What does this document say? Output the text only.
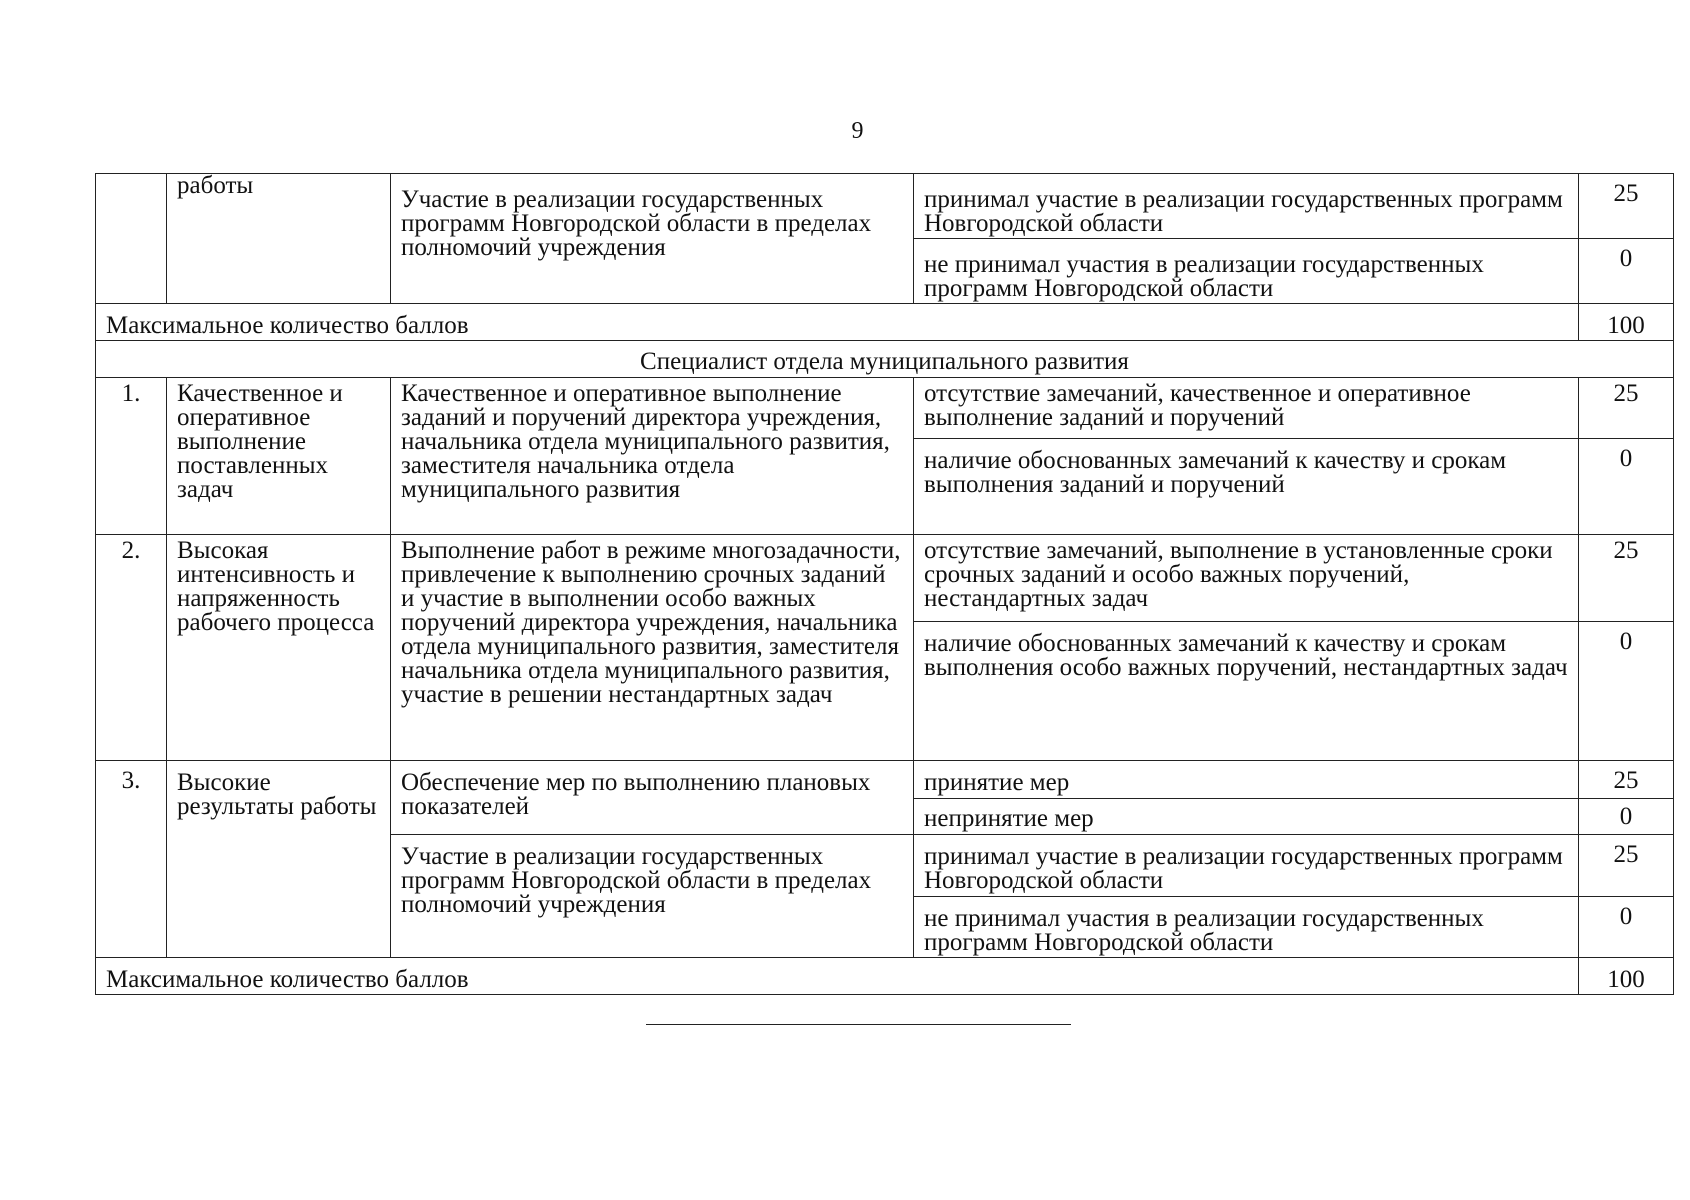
9
	работы	Участие в реализации государственных программ Новгородской области в пределах полномочий учреждения	принимал участие в реализации государственных программ Новгородской области	25
			не принимал участия в реализации государственных программ Новгородской области	0
Максимальное количество баллов				100
Специалист отдела муниципального развития				
1.	Качественное и оперативное выполнение поставленных задач	Качественное и оперативное выполнение заданий и поручений директора учреждения, начальника отдела муниципального развития, заместителя начальника отдела муниципального развития	отсутствие замечаний, качественное и оперативное выполнение заданий и поручений	25
			наличие обоснованных замечаний к качеству и срокам выполнения заданий и поручений	0
2.	Высокая интенсивность и напряженность рабочего процесса	Выполнение работ в режиме многозадачности, привлечение к выполнению срочных заданий и участие в выполнении особо важных поручений директора учреждения, начальника отдела муниципального развития, заместителя начальника отдела муниципального развития, участие в решении нестандартных задач	отсутствие замечаний, выполнение в установленные сроки срочных заданий и особо важных поручений, нестандартных задач	25
			наличие обоснованных замечаний к качеству и срокам выполнения особо важных поручений, нестандартных задач	0
3.	Высокие результаты работы	Обеспечение мер по выполнению плановых показателей	принятие мер	25
			непринятие мер	0
		Участие в реализации государственных программ Новгородской области в пределах полномочий учреждения	принимал участие в реализации государственных программ Новгородской области	25
			не принимал участия в реализации государственных программ Новгородской области	0
Максимальное количество баллов				100
